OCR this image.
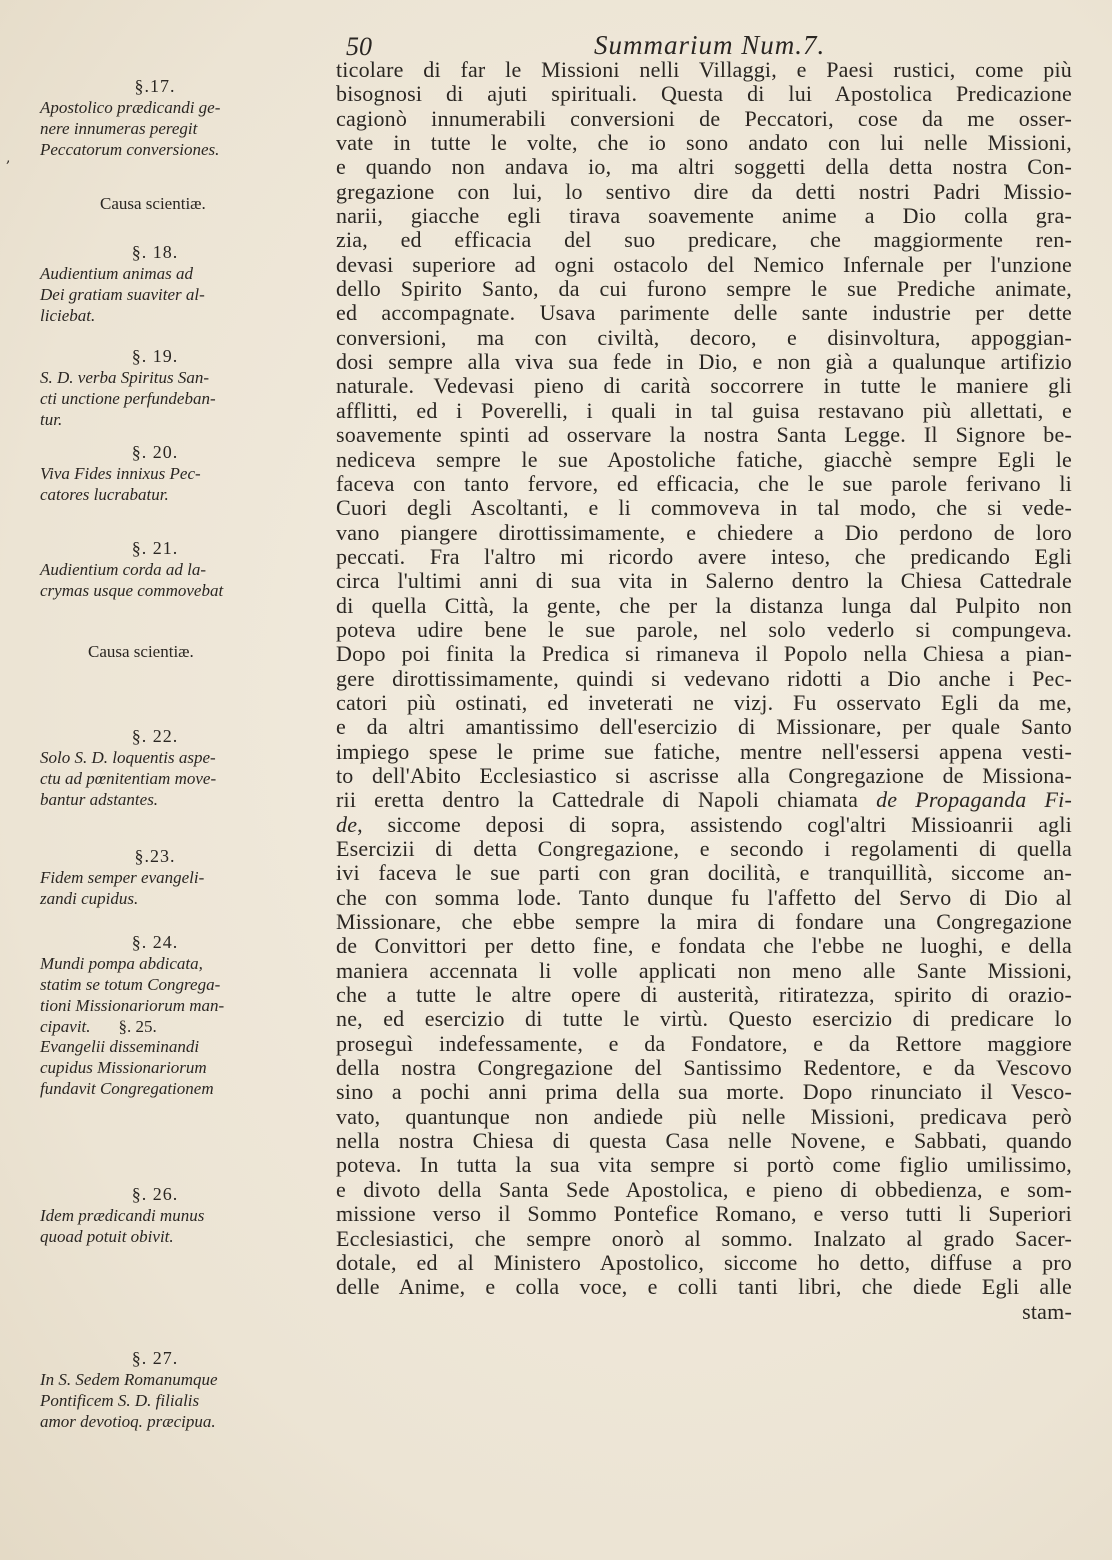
50	Summarium Num.7.
,
§.17.
Apostolico prædicandi ge-
nere innumeras peregit
Peccatorum conversiones.
Causa scientiæ.
§. 18.
Audientium animas ad
Dei gratiam suaviter al-
liciebat.
§. 19.
S. D. verba Spiritus San-
cti unctione perfundeban-
tur.
§. 20.
Viva Fides innixus Pec-
catores lucrabatur.
§. 21.
Audientium corda ad la-
crymas usque commovebat
Causa scientiæ.
§. 22.
Solo S. D. loquentis aspe-
ctu ad pœnitentiam move-
bantur adstantes.
§.23.
Fidem semper evangeli-
zandi cupidus.
§. 24.
Mundi pompa abdicata,
statim se totum Congrega-
tioni Missionariorum man-
cipavit. §. 25.
Evangelii disseminandi
cupidus Missionariorum
fundavit Congregationem
§. 26.
Idem prædicandi munus
quoad potuit obivit.
§. 27.
In S. Sedem Romanumque
Pontificem S. D. filialis
amor devotioq. præcipua.
ticolare di far le Missioni nelli Villaggi, e Paesi rustici, come più
bisognosi di ajuti spirituali. Questa di lui Apostolica Predicazione
cagionò innumerabili conversioni de Peccatori, cose da me osser-
vate in tutte le volte, che io sono andato con lui nelle Missioni,
e quando non andava io, ma altri soggetti della detta nostra Con-
gregazione con lui, lo sentivo dire da detti nostri Padri Missio-
narii, giacche egli tirava soavemente anime a Dio colla gra-
zia, ed efficacia del suo predicare, che maggiormente ren-
devasi superiore ad ogni ostacolo del Nemico Infernale per l'unzione
dello Spirito Santo, da cui furono sempre le sue Prediche animate,
ed accompagnate. Usava parimente delle sante industrie per dette
conversioni, ma con civiltà, decoro, e disinvoltura, appoggian-
dosi sempre alla viva sua fede in Dio, e non già a qualunque artifizio
naturale. Vedevasi pieno di carità soccorrere in tutte le maniere gli
afflitti, ed i Poverelli, i quali in tal guisa restavano più allettati, e
soavemente spinti ad osservare la nostra Santa Legge. Il Signore be-
nediceva sempre le sue Apostoliche fatiche, giacchè sempre Egli le
faceva con tanto fervore, ed efficacia, che le sue parole ferivano li
Cuori degli Ascoltanti, e li commoveva in tal modo, che si vede-
vano piangere dirottissimamente, e chiedere a Dio perdono de loro
peccati. Fra l'altro mi ricordo avere inteso, che predicando Egli
circa l'ultimi anni di sua vita in Salerno dentro la Chiesa Cattedrale
di quella Città, la gente, che per la distanza lunga dal Pulpito non
poteva udire bene le sue parole, nel solo vederlo si compungeva.
Dopo poi finita la Predica si rimaneva il Popolo nella Chiesa a pian-
gere dirottissimamente, quindi si vedevano ridotti a Dio anche i Pec-
catori più ostinati, ed inveterati ne vizj. Fu osservato Egli da me,
e da altri amantissimo dell'esercizio di Missionare, per quale Santo
impiego spese le prime sue fatiche, mentre nell'essersi appena vesti-
to dell'Abito Ecclesiastico si ascrisse alla Congregazione de Missiona-
rii eretta dentro la Cattedrale di Napoli chiamata de Propaganda Fi-
de, siccome deposi di sopra, assistendo cogl'altri Missioanrii agli
Esercizii di detta Congregazione, e secondo i regolamenti di quella
ivi faceva le sue parti con gran docilità, e tranquillità, siccome an-
che con somma lode. Tanto dunque fu l'affetto del Servo di Dio al
Missionare, che ebbe sempre la mira di fondare una Congregazione
de Convittori per detto fine, e fondata che l'ebbe ne luoghi, e della
maniera accennata li volle applicati non meno alle Sante Missioni,
che a tutte le altre opere di austerità, ritiratezza, spirito di orazio-
ne, ed esercizio di tutte le virtù. Questo esercizio di predicare lo
proseguì indefessamente, e da Fondatore, e da Rettore maggiore
della nostra Congregazione del Santissimo Redentore, e da Vescovo
sino a pochi anni prima della sua morte. Dopo rinunciato il Vesco-
vato, quantunque non andiede più nelle Missioni, predicava però
nella nostra Chiesa di questa Casa nelle Novene, e Sabbati, quando
poteva. In tutta la sua vita sempre si portò come figlio umilissimo,
e divoto della Santa Sede Apostolica, e pieno di obbedienza, e som-
missione verso il Sommo Pontefice Romano, e verso tutti li Superiori
Ecclesiastici, che sempre onorò al sommo. Inalzato al grado Sacer-
dotale, ed al Ministero Apostolico, siccome ho detto, diffuse a pro
delle Anime, e colla voce, e colli tanti libri, che diede Egli alle
stam-
